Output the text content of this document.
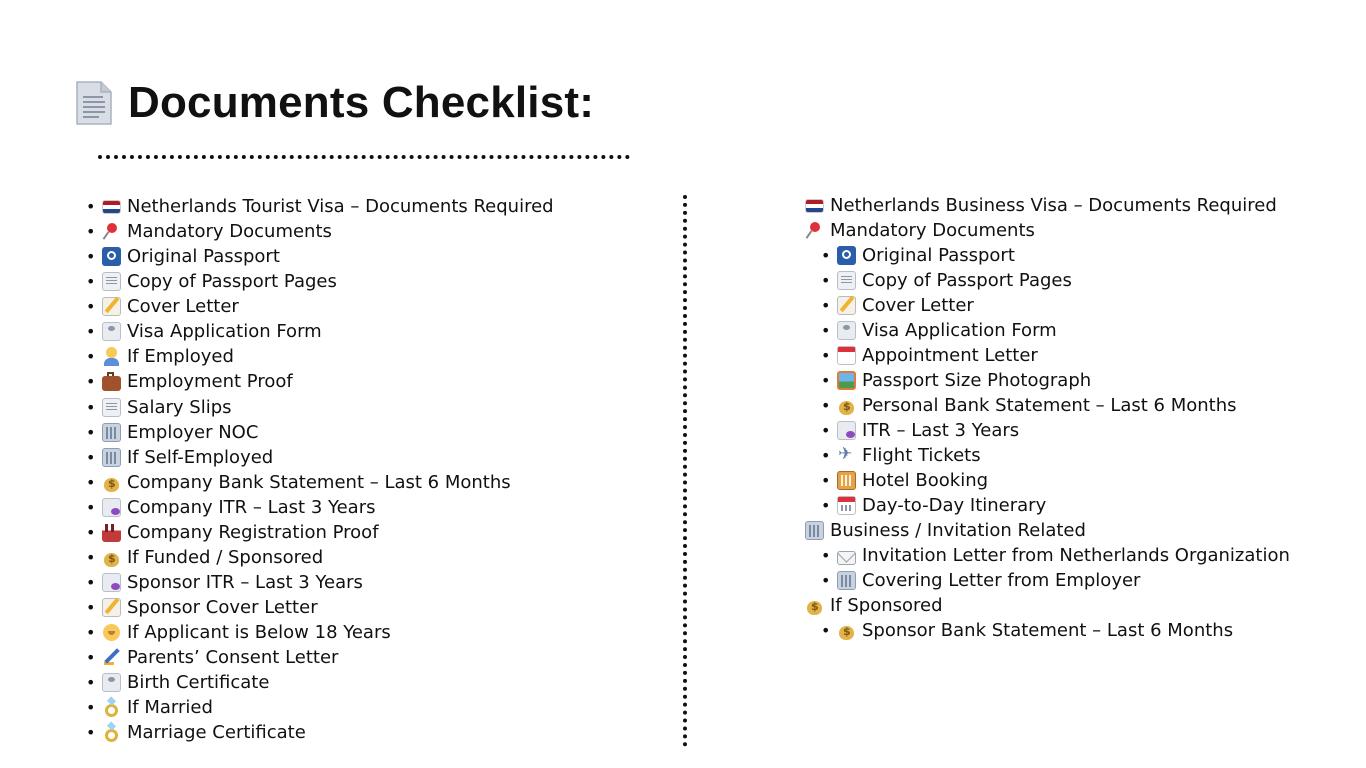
Documents Checklist:
•	Netherlands Tourist Visa – Documents Required
•	Mandatory Documents
•	Original Passport
•	Copy of Passport Pages
•	Cover Letter
•	Visa Application Form
•	If Employed
•	Employment Proof
•	Salary Slips
•	Employer NOC
•	If Self-Employed
• $	Company Bank Statement – Last 6 Months
•	Company ITR – Last 3 Years
•	Company Registration Proof
• $	If Funded / Sponsored
•	Sponsor ITR – Last 3 Years
•	Sponsor Cover Letter
•	If Applicant is Below 18 Years
•	Parents’ Consent Letter
•	Birth Certificate
•	If Married
•	Marriage Certificate
Netherlands Business Visa – Documents Required
Mandatory Documents
•	Original Passport
•	Copy of Passport Pages
•	Cover Letter
•	Visa Application Form
•	Appointment Letter
•	Passport Size Photograph
• $	Personal Bank Statement – Last 6 Months
•	ITR – Last 3 Years
• ✈	Flight Tickets
•	Hotel Booking
•	Day-to-Day Itinerary
Business / Invitation Related
•	Invitation Letter from Netherlands Organization
•	Covering Letter from Employer
$
If Sponsored
• $	Sponsor Bank Statement – Last 6 Months
